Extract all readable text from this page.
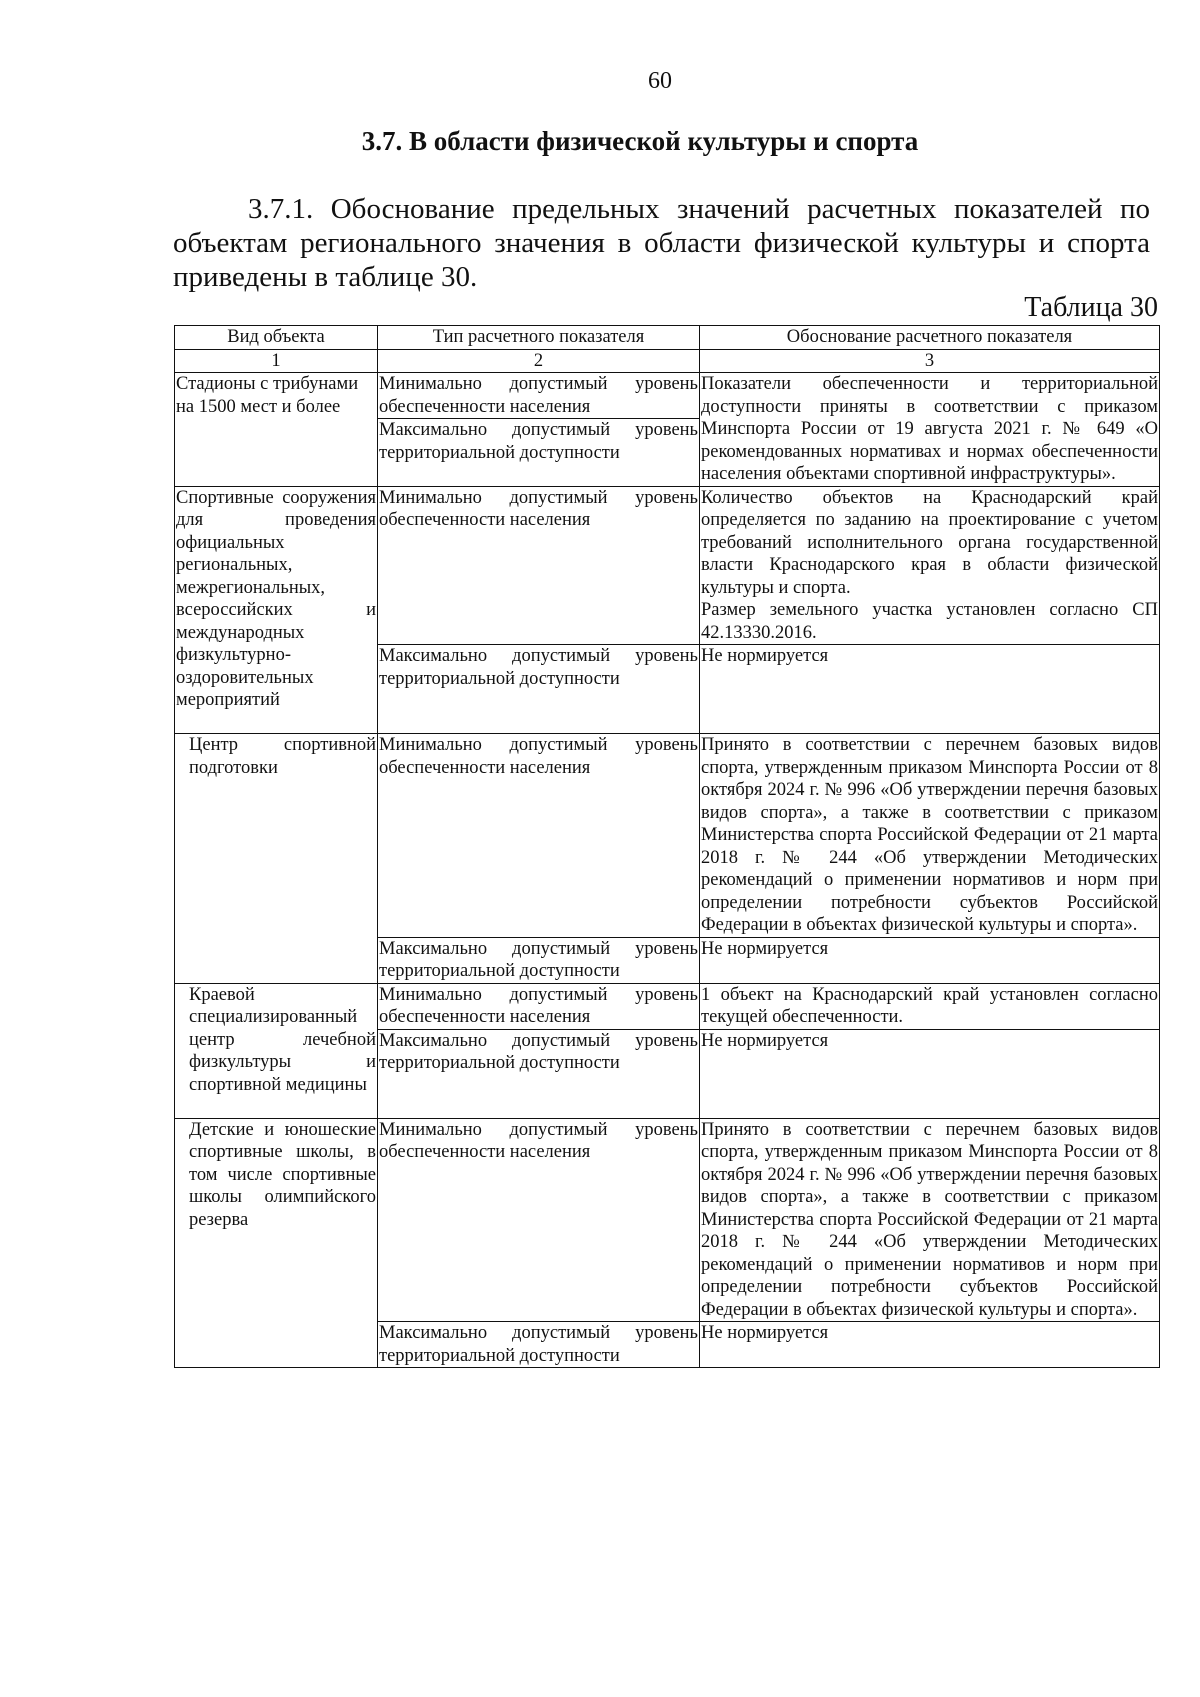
60
3.7. В области физической культуры и спорта

3.7.1. Обоснование предельных значений расчетных показателей по объектам регионального значения в области физической культуры и спорта приведены в таблице 30.

Таблица 30
Вид объекта	Тип расчетного показателя	Обоснование расчетного показателя
1	2	3
Стадионы с трибунами на 1500 мест и более	Минимально допустимый уровень обеспеченности населения	Показатели обеспеченности и территориальной доступности приняты в соответствии с приказом Минспорта России от 19 августа 2021 г. № 649 «О рекомендованных нормативах и нормах обеспеченности населения объектами спортивной инфраструктуры».
	Максимально допустимый уровень территориальной доступности	
Спортивные сооружения для проведения официальных региональных, межрегиональных, всероссийских и международных физкультурно-оздоровительных мероприятий	Минимально допустимый уровень обеспеченности населения	Количество объектов на Краснодарский край определяется по заданию на проектирование с учетом требований исполнительного органа государственной власти Краснодарского края в области физической культуры и спорта.
Размер земельного участка установлен согласно СП 42.13330.2016.

	Максимально допустимый уровень территориальной доступности	Не нормируется
Центр спортивной подготовки	Минимально допустимый уровень обеспеченности населения	Принято в соответствии с перечнем базовых видов спорта, утвержденным приказом Минспорта России от 8 октября 2024 г. № 996 «Об утверждении перечня базовых видов спорта», а также в соответствии с приказом Министерства спорта Российской Федерации от 21 марта 2018 г. № 244 «Об утверждении Методических рекомендаций о применении нормативов и норм при определении потребности субъектов Российской Федерации в объектах физической культуры и спорта».
	Максимально допустимый уровень территориальной доступности	Не нормируется
Краевой специализированный центр лечебной физкультуры и спортивной медицины	Минимально допустимый уровень обеспеченности населения	1 объект на Краснодарский край установлен согласно текущей обеспеченности.
	Максимально допустимый уровень территориальной доступности	Не нормируется
Детские и юношеские спортивные школы, в том числе спортивные школы олимпийского резерва	Минимально допустимый уровень обеспеченности населения	Принято в соответствии с перечнем базовых видов спорта, утвержденным приказом Минспорта России от 8 октября 2024 г. № 996 «Об утверждении перечня базовых видов спорта», а также в соответствии с приказом Министерства спорта Российской Федерации от 21 марта 2018 г. № 244 «Об утверждении Методических рекомендаций о применении нормативов и норм при определении потребности субъектов Российской Федерации в объектах физической культуры и спорта».
	Максимально допустимый уровень территориальной доступности	Не нормируется
